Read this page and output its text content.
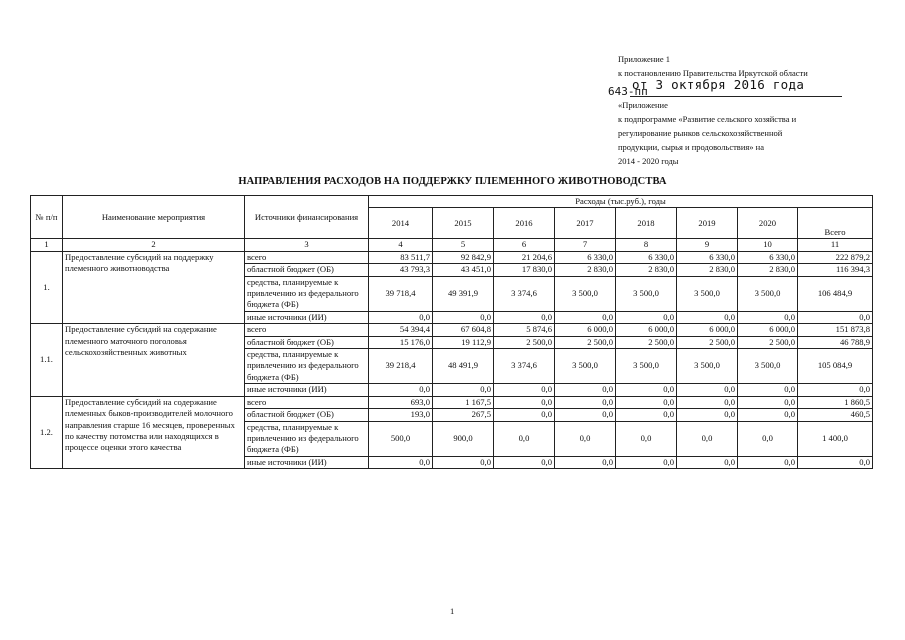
Приложение 1
к постановлению Правительства Иркутской области
643-пп
от 3 октября 2016 года
«Приложение
к подпрограмме «Развитие сельского хозяйства и
регулирование рынков сельскохозяйственной
продукции, сырья и продовольствия» на
2014 - 2020 годы
НАПРАВЛЕНИЯ РАСХОДОВ НА ПОДДЕРЖКУ ПЛЕМЕННОГО ЖИВОТНОВОДСТВА
№ п/п	Наименование мероприятия	Источники финансирования	Расходы (тыс.руб.), годы							
			2014	2015	2016	2017	2018	2019	2020	Всего
1	2	3	4	5	6	7	8	9	10	11
1.	Предоставление субсидий на поддержку племенного животноводства	всего	83 511,7	92 842,9	21 204,6	6 330,0	6 330,0	6 330,0	6 330,0	222 879,2
		областной бюджет (ОБ)	43 793,3	43 451,0	17 830,0	2 830,0	2 830,0	2 830,0	2 830,0	116 394,3
		средства, планируемые к привлечению из федерального бюджета (ФБ)	39 718,4	49 391,9	3 374,6	3 500,0	3 500,0	3 500,0	3 500,0	106 484,9
		иные источники (ИИ)	0,0	0,0	0,0	0,0	0,0	0,0	0,0	0,0
1.1.	Предоставление субсидий на содержание племенного маточного поголовья сельскохозяйственных животных	всего	54 394,4	67 604,8	5 874,6	6 000,0	6 000,0	6 000,0	6 000,0	151 873,8
		областной бюджет (ОБ)	15 176,0	19 112,9	2 500,0	2 500,0	2 500,0	2 500,0	2 500,0	46 788,9
		средства, планируемые к привлечению из федерального бюджета (ФБ)	39 218,4	48 491,9	3 374,6	3 500,0	3 500,0	3 500,0	3 500,0	105 084,9
		иные источники (ИИ)	0,0	0,0	0,0	0,0	0,0	0,0	0,0	0,0
1.2.	Предоставление субсидий на содержание племенных быков-производителей молочного направления старше 16 месяцев, проверенных по качеству потомства или находящихся в процессе оценки этого качества	всего	693,0	1 167,5	0,0	0,0	0,0	0,0	0,0	1 860,5
		областной бюджет (ОБ)	193,0	267,5	0,0	0,0	0,0	0,0	0,0	460,5
		средства, планируемые к привлечению из федерального бюджета (ФБ)	500,0	900,0	0,0	0,0	0,0	0,0	0,0	1 400,0
		иные источники (ИИ)	0,0	0,0	0,0	0,0	0,0	0,0	0,0	0,0
1
